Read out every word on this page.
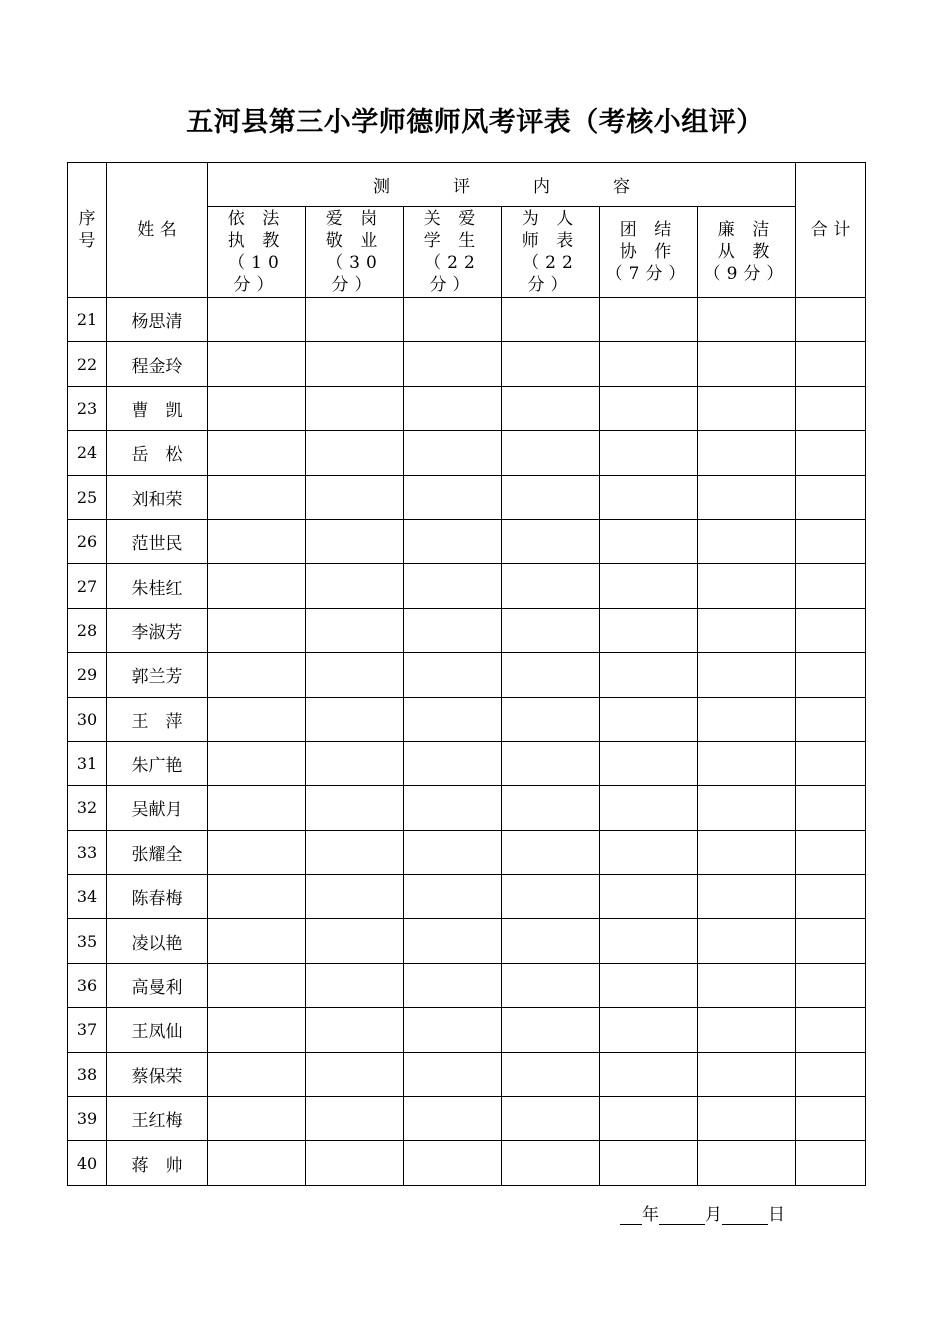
五河县第三小学师德师风考评表（考核小组评）
序
号	姓 名	测 评 内 容						合 计

		依 法
执 教
（10
分）	爱 岗
敬 业
（30
分）	关 爱
学 生
（22
分）	为 人
师 表
（22
分）	团 结
协 作
（7分）	廉 洁
从 教
（9分）	

21	杨思清							
22	程金玲							
23	曹　凯							
24	岳　松							
25	刘和荣							
26	范世民							
27	朱桂红							
28	李淑芳							
29	郭兰芳							
30	王　萍							
31	朱广艳							
32	吴献月							
33	张耀全							
34	陈春梅							
35	凌以艳							
36	高曼利							
37	王凤仙							
38	蔡保荣							
39	王红梅							
40	蒋　帅							
年	月	日
